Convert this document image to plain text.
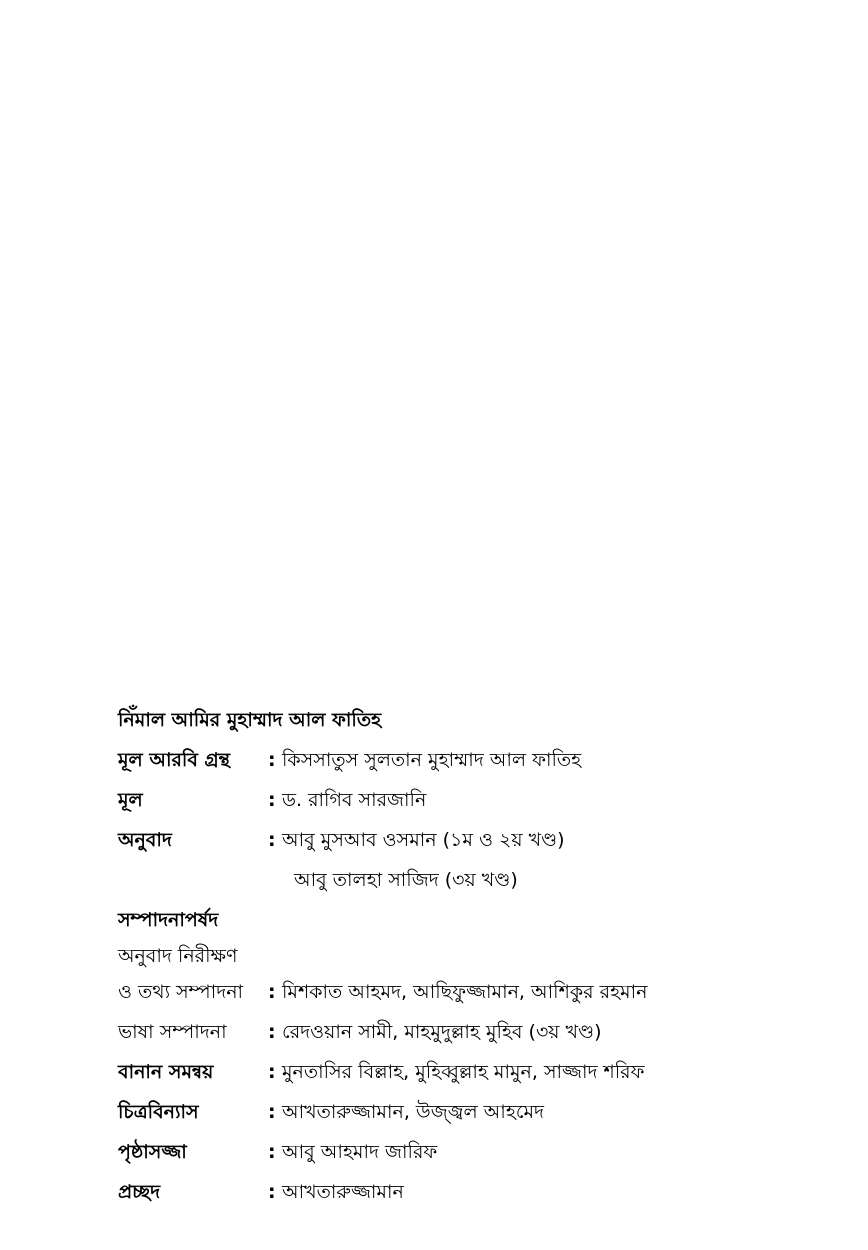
নিঁমাল আমির মুহাম্মাদ আল ফাতিহ
মূল আরবি গ্রন্থ	: কিসসাতুস সুলতান মুহাম্মাদ আল ফাতিহ
মূল	: ড. রাগিব সারজানি
অনুবাদ	: আবু মুসআব ওসমান (১ম ও ২য় খণ্ড)
আবু তালহা সাজিদ (৩য় খণ্ড)
সম্পাদনাপর্ষদ
অনুবাদ নিরীক্ষণ
ও তথ্য সম্পাদনা	: মিশকাত আহমদ, আছিফুজ্জামান, আশিকুর রহমান
ভাষা সম্পাদনা	: রেদওয়ান সামী, মাহমুদুল্লাহ মুহিব (৩য় খণ্ড)
বানান সমন্বয়	: মুনতাসির বিল্লাহ, মুহিব্বুল্লাহ মামুন, সাজ্জাদ শরিফ
চিত্রবিন্যাস	: আখতারুজ্জামান, উজ্জ্বল আহমেদ
পৃষ্ঠাসজ্জা	: আবু আহমাদ জারিফ
প্রচ্ছদ	: আখতারুজ্জামান
